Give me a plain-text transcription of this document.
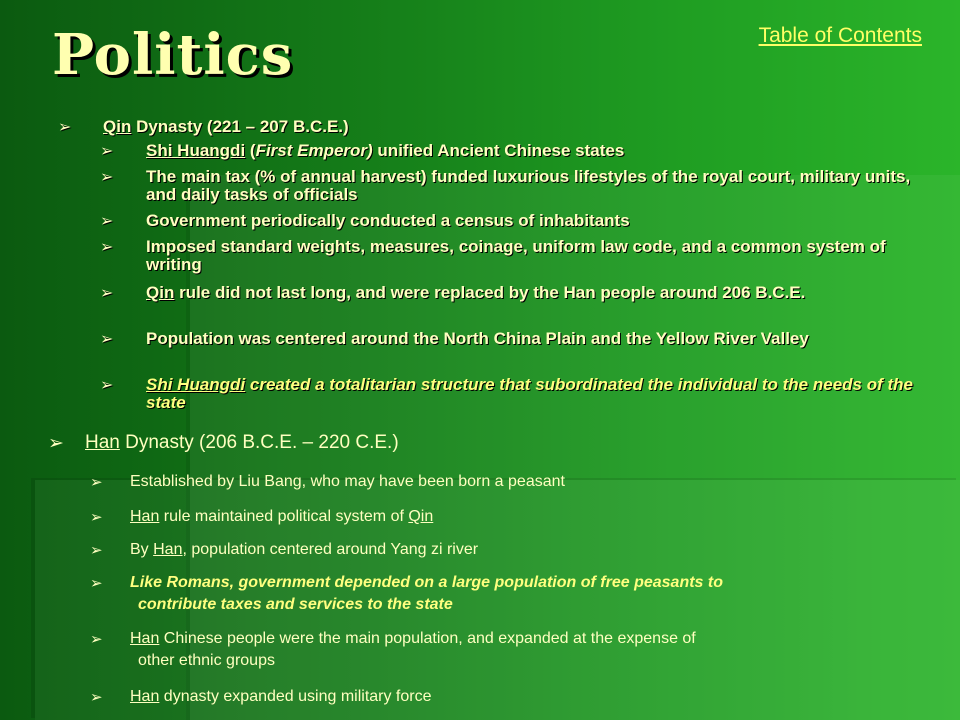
Politics	Table of Contents
➢ Qin Dynasty (221 – 207 B.C.E.)
➢ Shi Huangdi (First Emperor) unified Ancient Chinese states
➢ The main tax (% of annual harvest) funded luxurious lifestyles of the royal court, military units, and daily tasks of officials
➢ Government periodically conducted a census of inhabitants
➢ Imposed standard weights, measures, coinage, uniform law code, and a common system of writing
➢ Qin rule did not last long, and were replaced by the Han people around 206 B.C.E.
➢ Population was centered around the North China Plain and the Yellow River Valley
➢ Shi Huangdi created a totalitarian structure that subordinated the individual to the needs of the state
➢ Han Dynasty (206 B.C.E. – 220 C.E.)
➢ Established by Liu Bang, who may have been born a peasant
➢ Han rule maintained political system of Qin
➢ By Han, population centered around Yang zi river
➢ Like Romans, government depended on a large population of free peasants to
contribute taxes and services to the state
➢ Han Chinese people were the main population, and expanded at the expense of
other ethnic groups
➢ Han dynasty expanded using military force
